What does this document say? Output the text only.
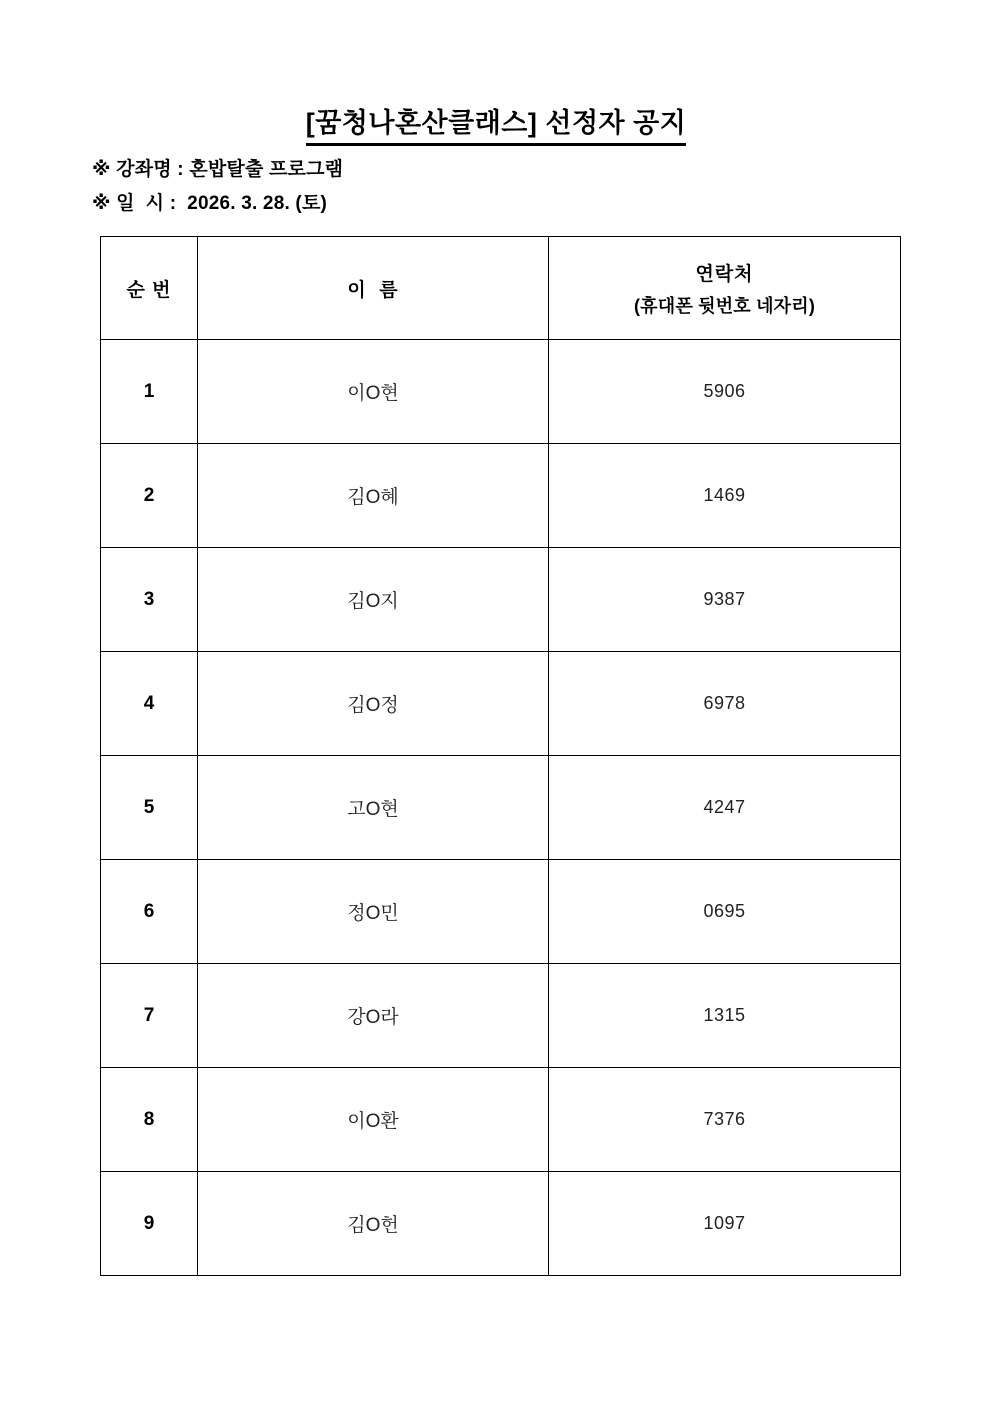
[꿈청나혼산클래스] 선정자 공지
※ 강좌명 : 혼밥탈출 프로그램
※ 일  시 :  2026. 3. 28. (토)
순 번	이  름	연락처
(휴대폰 뒷번호 네자리)

1	이O현	5906
2	김O혜	1469
3	김O지	9387
4	김O정	6978
5	고O현	4247
6	정O민	0695
7	강O라	1315
8	이O환	7376
9	김O헌	1097
